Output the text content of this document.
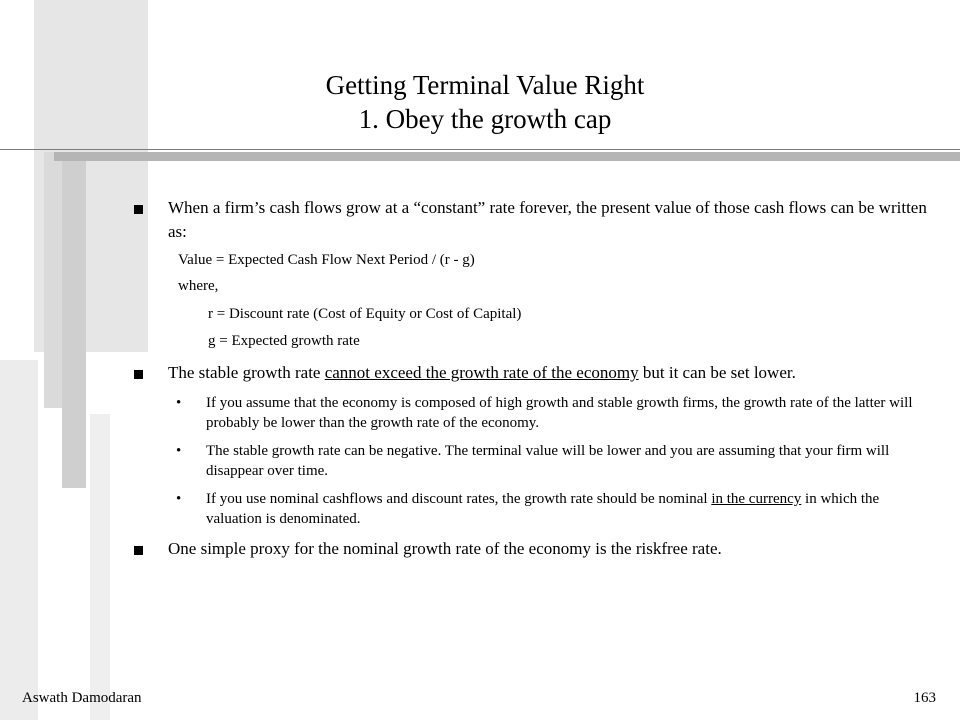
Getting Terminal Value Right
1. Obey the growth cap
When a firm’s cash flows grow at a “constant” rate forever, the present value of those cash flows can be written as:
Value = Expected Cash Flow Next Period / (r - g)
where,
r = Discount rate (Cost of Equity or Cost of Capital)
g = Expected growth rate
The stable growth rate cannot exceed the growth rate of the economy but it can be set lower.
• If you assume that the economy is composed of high growth and stable growth firms, the growth rate of the latter will probably be lower than the growth rate of the economy.
• The stable growth rate can be negative. The terminal value will be lower and you are assuming that your firm will disappear over time.
• If you use nominal cashflows and discount rates, the growth rate should be nominal in the currency in which the valuation is denominated.
One simple proxy for the nominal growth rate of the economy is the riskfree rate.
Aswath Damodaran	163
